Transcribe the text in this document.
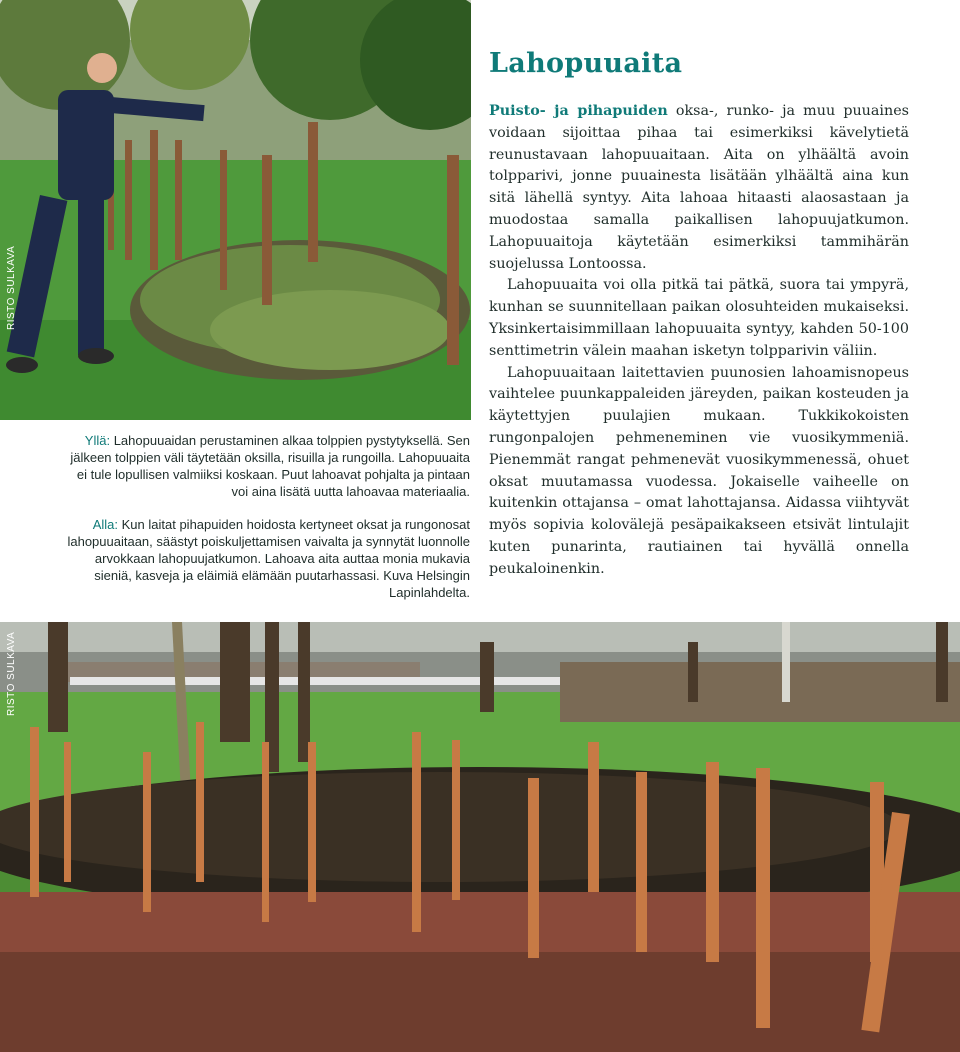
RISTO SULKAVA

Yllä: Lahopuuaidan perustaminen alkaa tolppien pystytyksellä. Sen jälkeen tolppien väli täytetään oksilla, risuilla ja rungoilla. Lahopuuaita ei tule lopullisen valmiiksi koskaan. Puut lahoavat pohjalta ja pintaan voi aina lisätä uutta lahoavaa materiaalia.

Alla: Kun laitat pihapuiden hoidosta kertyneet oksat ja rungonosat lahopuuaitaan, säästyt poiskuljettamisen vaivalta ja synnytät luonnolle arvokkaan lahopuujatkumon. Lahoava aita auttaa monia mukavia sieniä, kasveja ja eläimiä elämään puutarhassasi. Kuva Helsingin Lapinlahdelta.

Lahopuuaita

Puisto- ja pihapuiden oksa-, runko- ja muu puuaines voidaan sijoittaa pihaa tai esimerkiksi kävelytietä reunustavaan lahopuuaitaan. Aita on ylhäältä avoin tolpparivi, jonne puuainesta lisätään ylhäältä aina kun sitä lähellä syntyy. Aita lahoaa hitaasti alaosastaan ja muodostaa samalla paikallisen lahopuujatkumon. Lahopuuaitoja käytetään esimerkiksi tammihärän suojelussa Lontoossa.

Lahopuuaita voi olla pitkä tai pätkä, suora tai ympyrä, kunhan se suunnitellaan paikan olosuhteiden mukaiseksi. Yksinkertaisimmillaan lahopuuaita syntyy, kahden 50-100 senttimetrin välein maahan isketyn tolpparivin väliin.

Lahopuuaitaan laitettavien puunosien lahoamisnopeus vaihtelee puunkappaleiden järeyden, paikan kosteuden ja käytettyjen puulajien mukaan. Tukkikokoisten rungonpalojen pehmeneminen vie vuosikymmeniä. Pienemmät rangat pehmenevät vuosikymmenessä, ohuet oksat muutamassa vuodessa. Jokaiselle vaiheelle on kuitenkin ottajansa – omat lahottajansa. Aidassa viihtyvät myös sopivia kolovälejä pesäpaikakseen etsivät lintulajit kuten punarinta, rautiainen tai hyvällä onnella peukaloinenkin.

RISTO SULKAVA
